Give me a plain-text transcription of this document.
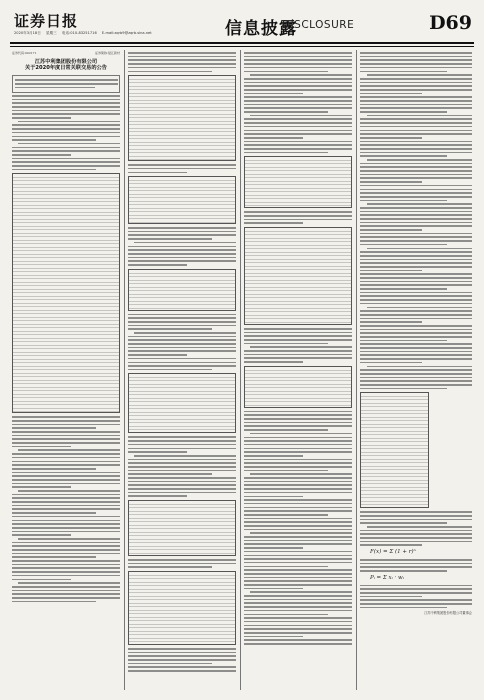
证券日报
2020年3月18日 星期三 电话:010-83251716 E-mail:zqrb9@zqrb.sina.net	信息披露
DISCLOSURE	D69
证券代码:002171	证券简称:楚江新材
江苏中利集团股份有限公司
关于2020年度日常关联交易的公告
F(x) = Σ (1 + r)ⁿ
Pᵢ = Σ xᵢ · wᵢ
江苏中利集团股份有限公司董事会
